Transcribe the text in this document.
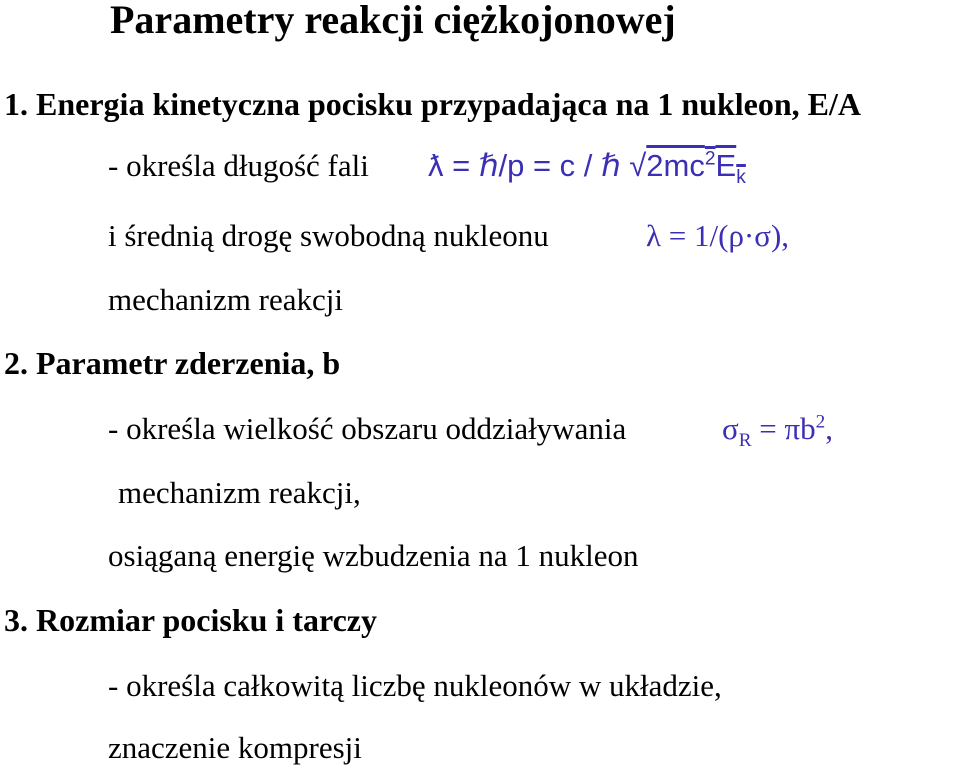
Parametry reakcji ciężkojonowej
1. Energia kinetyczna pocisku przypadająca na 1 nukleon, E/A
- określa długość fali ƛ = ℏ/p = c / ℏ $√2mc^2E_k$
i średnią drogę swobodną nukleonu	λ = 1/(ρ·σ),
mechanizm reakcji
2. Parametr zderzenia, b
- określa wielkość obszaru oddziaływania	$\sigma_R = \pi b^2$,
mechanizm reakcji,
osiąganą energię wzbudzenia na 1 nukleon
3. Rozmiar pocisku i tarczy
- określa całkowitą liczbę nukleonów w układzie,
znaczenie kompresji
